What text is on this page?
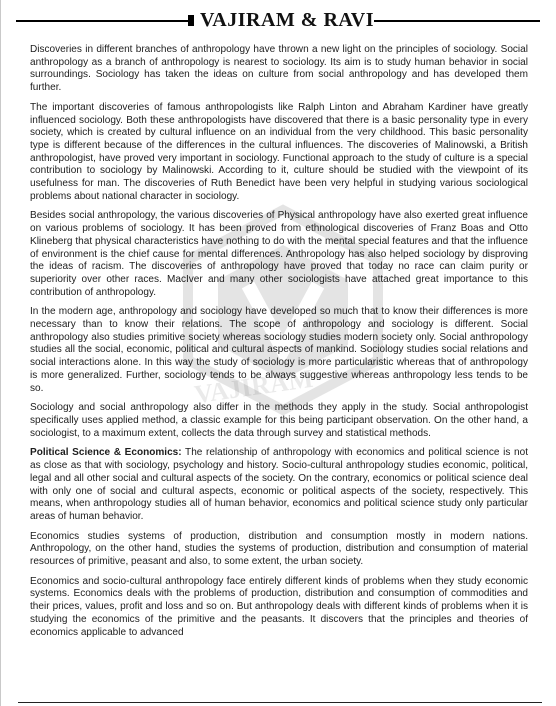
VAJIRAM & RAVI
VAJIRAM

Discoveries in different branches of anthropology have thrown a new light on the principles of sociology. Social anthropology as a branch of anthropology is nearest to sociology. Its aim is to study human behavior in social surroundings. Sociology has taken the ideas on culture from social anthropology and has developed them further.

The important discoveries of famous anthropologists like Ralph Linton and Abraham Kardiner have greatly influenced sociology. Both these anthropologists have discovered that there is a basic personality type in every society, which is created by cultural influence on an individual from the very childhood. This basic personality type is different because of the differences in the cultural influences. The discoveries of Malinowski, a British anthropologist, have proved very important in sociology. Functional approach to the study of culture is a special contribution to sociology by Malinowski. According to it, culture should be studied with the viewpoint of its usefulness for man. The discoveries of Ruth Benedict have been very helpful in studying various sociological problems about national character in sociology.

Besides social anthropology, the various discoveries of Physical anthropology have also exerted great influence on various problems of sociology. It has been proved from ethnological discoveries of Franz Boas and Otto Klineberg that physical characteristics have nothing to do with the mental special features and that the influence of environment is the chief cause for mental differences. Anthropology has also helped sociology by disproving the ideas of racism. The discoveries of anthropology have proved that today no race can claim purity or superiority over other races. MacIver and many other sociologists have attached great importance to this contribution of anthropology.

In the modern age, anthropology and sociology have developed so much that to know their differences is more necessary than to know their relations. The scope of anthropology and sociology is different. Social anthropology also studies primitive society whereas sociology studies modern society only. Social anthropology studies all the social, economic, political and cultural aspects of mankind. Sociology studies social relations and social interactions alone. In this way the study of sociology is more particularistic whereas that of anthropology is more generalized. Further, sociology tends to be always suggestive whereas anthropology less tends to be so.

Sociology and social anthropology also differ in the methods they apply in the study. Social anthropologist specifically uses applied method, a classic example for this being participant observation. On the other hand, a sociologist, to a maximum extent, collects the data through survey and statistical methods.

Political Science & Economics: The relationship of anthropology with economics and political science is not as close as that with sociology, psychology and history. Socio-cultural anthropology studies economic, political, legal and all other social and cultural aspects of the society. On the contrary, economics or political science deal with only one of social and cultural aspects, economic or political aspects of the society, respectively. This means, when anthropology studies all of human behavior, economics and political science study only particular areas of human behavior.

Economics studies systems of production, distribution and consumption mostly in modern nations. Anthropology, on the other hand, studies the systems of production, distribution and consumption of material resources of primitive, peasant and also, to some extent, the urban society.

Economics and socio-cultural anthropology face entirely different kinds of problems when they study economic systems. Economics deals with the problems of production, distribution and consumption of commodities and their prices, values, profit and loss and so on. But anthropology deals with different kinds of problems when it is studying the economics of the primitive and the peasants. It discovers that the principles and theories of economics applicable to advanced
